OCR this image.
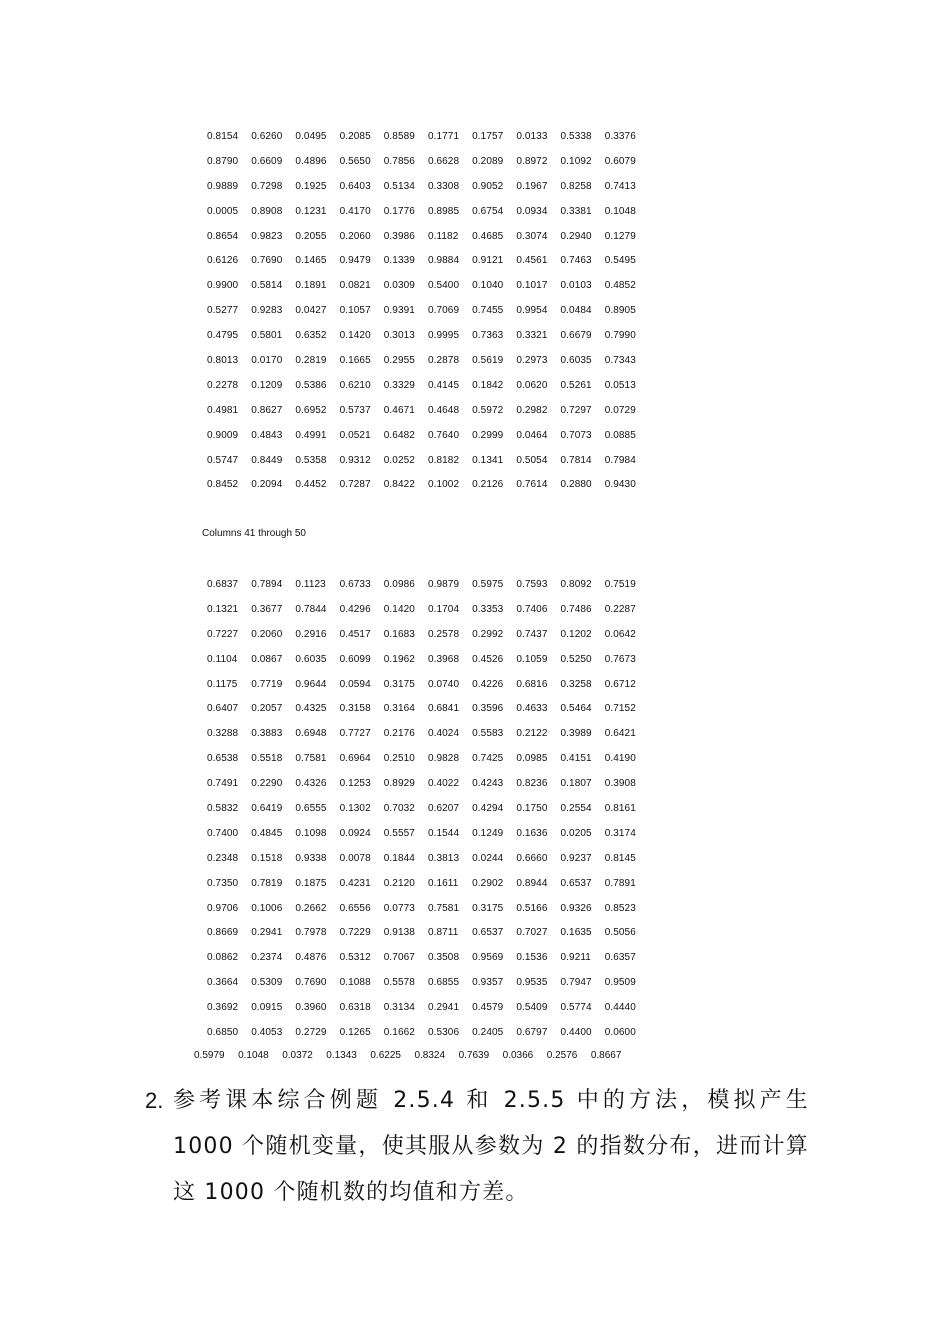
0.8154	0.6260	0.0495	0.2085	0.8589	0.1771	0.1757	0.0133	0.5338	0.3376
0.8790	0.6609	0.4896	0.5650	0.7856	0.6628	0.2089	0.8972	0.1092	0.6079
0.9889	0.7298	0.1925	0.6403	0.5134	0.3308	0.9052	0.1967	0.8258	0.7413
0.0005	0.8908	0.1231	0.4170	0.1776	0.8985	0.6754	0.0934	0.3381	0.1048
0.8654	0.9823	0.2055	0.2060	0.3986	0.1182	0.4685	0.3074	0.2940	0.1279
0.6126	0.7690	0.1465	0.9479	0.1339	0.9884	0.9121	0.4561	0.7463	0.5495
0.9900	0.5814	0.1891	0.0821	0.0309	0.5400	0.1040	0.1017	0.0103	0.4852
0.5277	0.9283	0.0427	0.1057	0.9391	0.7069	0.7455	0.9954	0.0484	0.8905
0.4795	0.5801	0.6352	0.1420	0.3013	0.9995	0.7363	0.3321	0.6679	0.7990
0.8013	0.0170	0.2819	0.1665	0.2955	0.2878	0.5619	0.2973	0.6035	0.7343
0.2278	0.1209	0.5386	0.6210	0.3329	0.4145	0.1842	0.0620	0.5261	0.0513
0.4981	0.8627	0.6952	0.5737	0.4671	0.4648	0.5972	0.2982	0.7297	0.0729
0.9009	0.4843	0.4991	0.0521	0.6482	0.7640	0.2999	0.0464	0.7073	0.0885
0.5747	0.8449	0.5358	0.9312	0.0252	0.8182	0.1341	0.5054	0.7814	0.7984
0.8452	0.2094	0.4452	0.7287	0.8422	0.1002	0.2126	0.7614	0.2880	0.9430
Columns 41 through 50
0.6837	0.7894	0.1123	0.6733	0.0986	0.9879	0.5975	0.7593	0.8092	0.7519
0.1321	0.3677	0.7844	0.4296	0.1420	0.1704	0.3353	0.7406	0.7486	0.2287
0.7227	0.2060	0.2916	0.4517	0.1683	0.2578	0.2992	0.7437	0.1202	0.0642
0.1104	0.0867	0.6035	0.6099	0.1962	0.3968	0.4526	0.1059	0.5250	0.7673
0.1175	0.7719	0.9644	0.0594	0.3175	0.0740	0.4226	0.6816	0.3258	0.6712
0.6407	0.2057	0.4325	0.3158	0.3164	0.6841	0.3596	0.4633	0.5464	0.7152
0.3288	0.3883	0.6948	0.7727	0.2176	0.4024	0.5583	0.2122	0.3989	0.6421
0.6538	0.5518	0.7581	0.6964	0.2510	0.9828	0.7425	0.0985	0.4151	0.4190
0.7491	0.2290	0.4326	0.1253	0.8929	0.4022	0.4243	0.8236	0.1807	0.3908
0.5832	0.6419	0.6555	0.1302	0.7032	0.6207	0.4294	0.1750	0.2554	0.8161
0.7400	0.4845	0.1098	0.0924	0.5557	0.1544	0.1249	0.1636	0.0205	0.3174
0.2348	0.1518	0.9338	0.0078	0.1844	0.3813	0.0244	0.6660	0.9237	0.8145
0.7350	0.7819	0.1875	0.4231	0.2120	0.1611	0.2902	0.8944	0.6537	0.7891
0.9706	0.1006	0.2662	0.6556	0.0773	0.7581	0.3175	0.5166	0.9326	0.8523
0.8669	0.2941	0.7978	0.7229	0.9138	0.8711	0.6537	0.7027	0.1635	0.5056
0.0862	0.2374	0.4876	0.5312	0.7067	0.3508	0.9569	0.1536	0.9211	0.6357
0.3664	0.5309	0.7690	0.1088	0.5578	0.6855	0.9357	0.9535	0.7947	0.9509
0.3692	0.0915	0.3960	0.6318	0.3134	0.2941	0.4579	0.5409	0.5774	0.4440
0.6850	0.4053	0.2729	0.1265	0.1662	0.5306	0.2405	0.6797	0.4400	0.0600
0.5979	0.1048	0.0372	0.1343	0.6225	0.8324	0.7639	0.0366	0.2576	0.8667
2. 参考课本综合例题 2.5.4 和 2.5.5 中的方法，模拟产生 1000 个随机变量，使其服从参数为 2 的指数分布，进而计算这 1000 个随机数的均值和方差。
